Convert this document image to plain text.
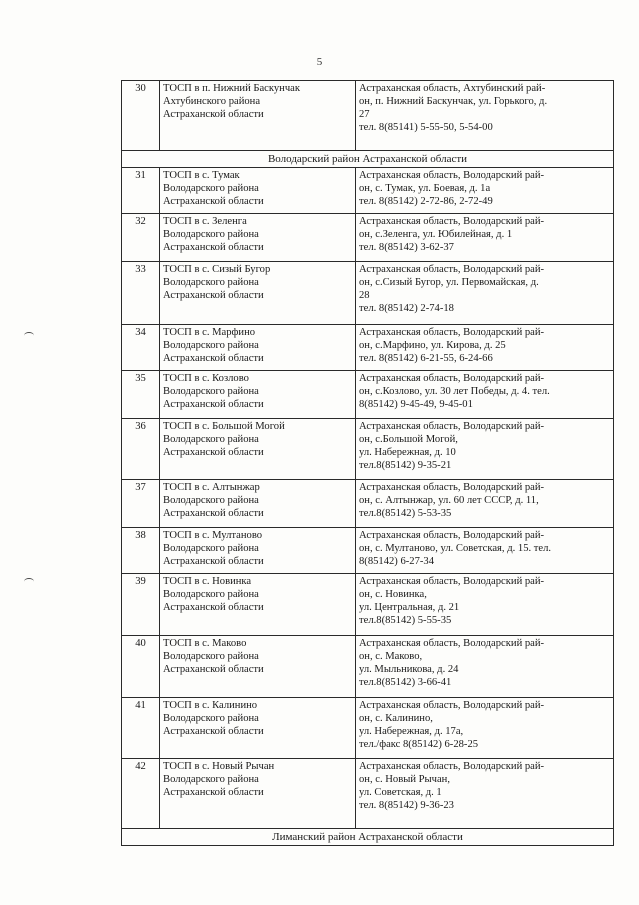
5
30	ТОСП в п. Нижний Баскунчак
Ахтубинского района
Астраханской области	Астраханская область, Ахтубинский рай-
он, п. Нижний Баскунчак, ул. Горького, д.
27
тел. 8(85141) 5-55-50, 5-54-00
Володарский район Астраханской области		
31	ТОСП в с. Тумак
Володарского района
Астраханской области	Астраханская область, Володарский рай-
он, с. Тумак, ул. Боевая, д. 1а
тел. 8(85142) 2-72-86, 2-72-49
32	ТОСП в с. Зеленга
Володарского района
Астраханской области	Астраханская область, Володарский рай-
он, с.Зеленга, ул. Юбилейная, д. 1
тел. 8(85142) 3-62-37
33	ТОСП в с. Сизый Бугор
Володарского района
Астраханской области	Астраханская область, Володарский рай-
он, с.Сизый Бугор, ул. Первомайская, д.
28
тел. 8(85142) 2-74-18
34	ТОСП в с. Марфино
Володарского района
Астраханской области	Астраханская область, Володарский рай-
он, с.Марфино, ул. Кирова, д. 25
тел. 8(85142) 6-21-55, 6-24-66
35	ТОСП в с. Козлово
Володарского района
Астраханской области	Астраханская область, Володарский рай-
он, с.Козлово, ул. 30 лет Победы, д. 4. тел.
8(85142) 9-45-49, 9-45-01
36	ТОСП в с. Большой Могой
Володарского района
Астраханской области	Астраханская область, Володарский рай-
он, с.Большой Могой,
ул. Набережная, д. 10
тел.8(85142) 9-35-21
37	ТОСП в с. Алтынжар
Володарского района
Астраханской области	Астраханская область, Володарский рай-
он, с. Алтынжар, ул. 60 лет СССР, д. 11,
тел.8(85142) 5-53-35
38	ТОСП в с. Мултаново
Володарского района
Астраханской области	Астраханская область, Володарский рай-
он, с. Мултаново, ул. Советская, д. 15. тел.
8(85142) 6-27-34
39	ТОСП в с. Новинка
Володарского района
Астраханской области	Астраханская область, Володарский рай-
он, с. Новинка,
ул. Центральная, д. 21
тел.8(85142) 5-55-35
40	ТОСП в с. Маково
Володарского района
Астраханской области	Астраханская область, Володарский рай-
он, с. Маково,
ул. Мыльникова, д. 24
тел.8(85142) 3-66-41
41	ТОСП в с. Калинино
Володарского района
Астраханской области	Астраханская область, Володарский рай-
он, с. Калинино,
ул. Набережная, д. 17а,
тел./факс 8(85142) 6-28-25
42	ТОСП в с. Новый Рычан
Володарского района
Астраханской области	Астраханская область, Володарский рай-
он, с. Новый Рычан,
ул. Советская, д. 1
тел. 8(85142) 9-36-23
Лиманский район Астраханской области		
